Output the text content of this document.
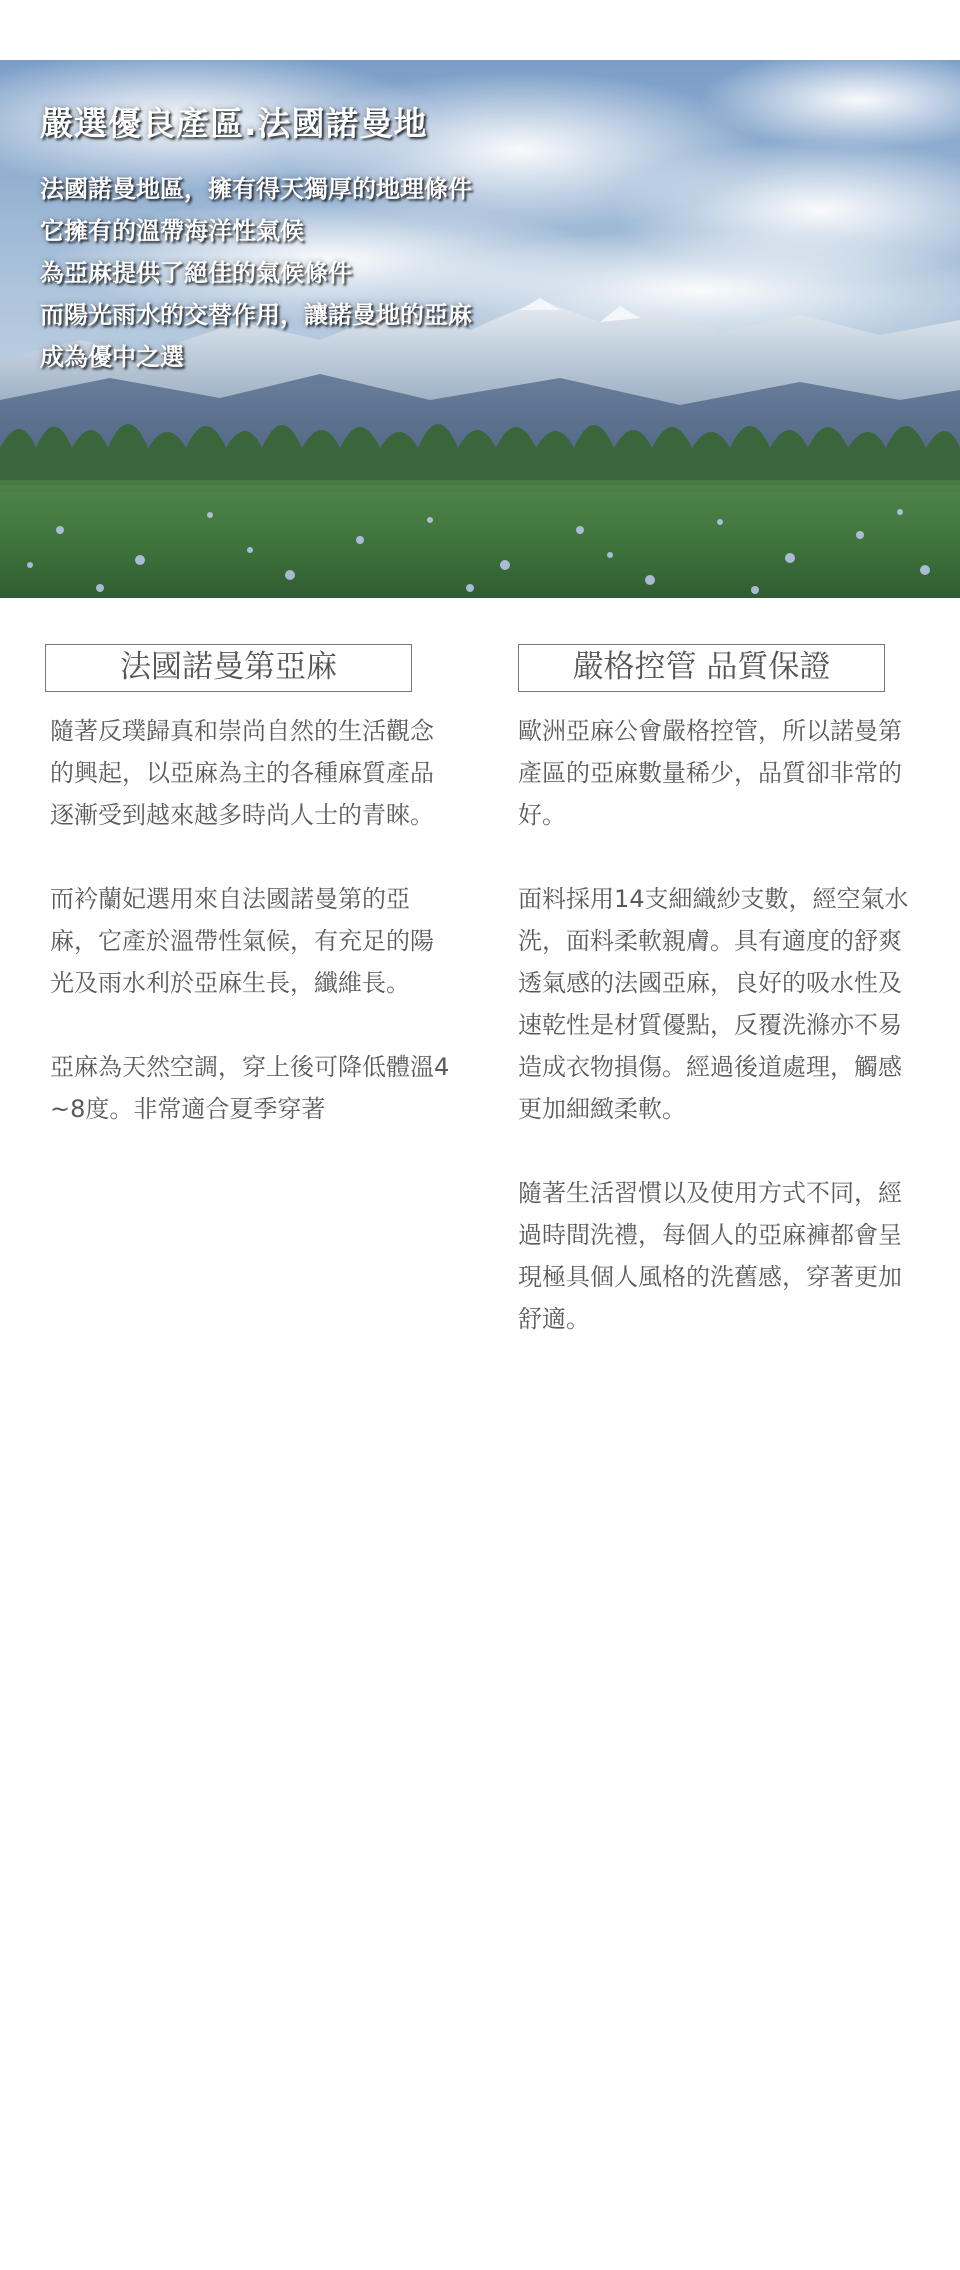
嚴選優良產區.法國諾曼地
法國諾曼地區，擁有得天獨厚的地理條件
它擁有的溫帶海洋性氣候
為亞麻提供了絕佳的氣候條件
而陽光雨水的交替作用，讓諾曼地的亞麻
成為優中之選
法國諾曼第亞麻

隨著反璞歸真和崇尚自然的生活觀念的興起，以亞麻為主的各種麻質產品逐漸受到越來越多時尚人士的青睞。

而衿蘭妃選用來自法國諾曼第的亞麻，它產於溫帶性氣候，有充足的陽光及雨水利於亞麻生長，纖維長。

亞麻為天然空調，穿上後可降低體溫4~8度。非常適合夏季穿著

嚴格控管 品質保證

歐洲亞麻公會嚴格控管，所以諾曼第產區的亞麻數量稀少，品質卻非常的好。

面料採用14支細織紗支數，經空氣水洗，面料柔軟親膚。具有適度的舒爽透氣感的法國亞麻，良好的吸水性及速乾性是材質優點，反覆洗滌亦不易造成衣物損傷。經過後道處理，觸感更加細緻柔軟。

隨著生活習慣以及使用方式不同，經過時間洗禮，每個人的亞麻褲都會呈現極具個人風格的洗舊感，穿著更加舒適。
